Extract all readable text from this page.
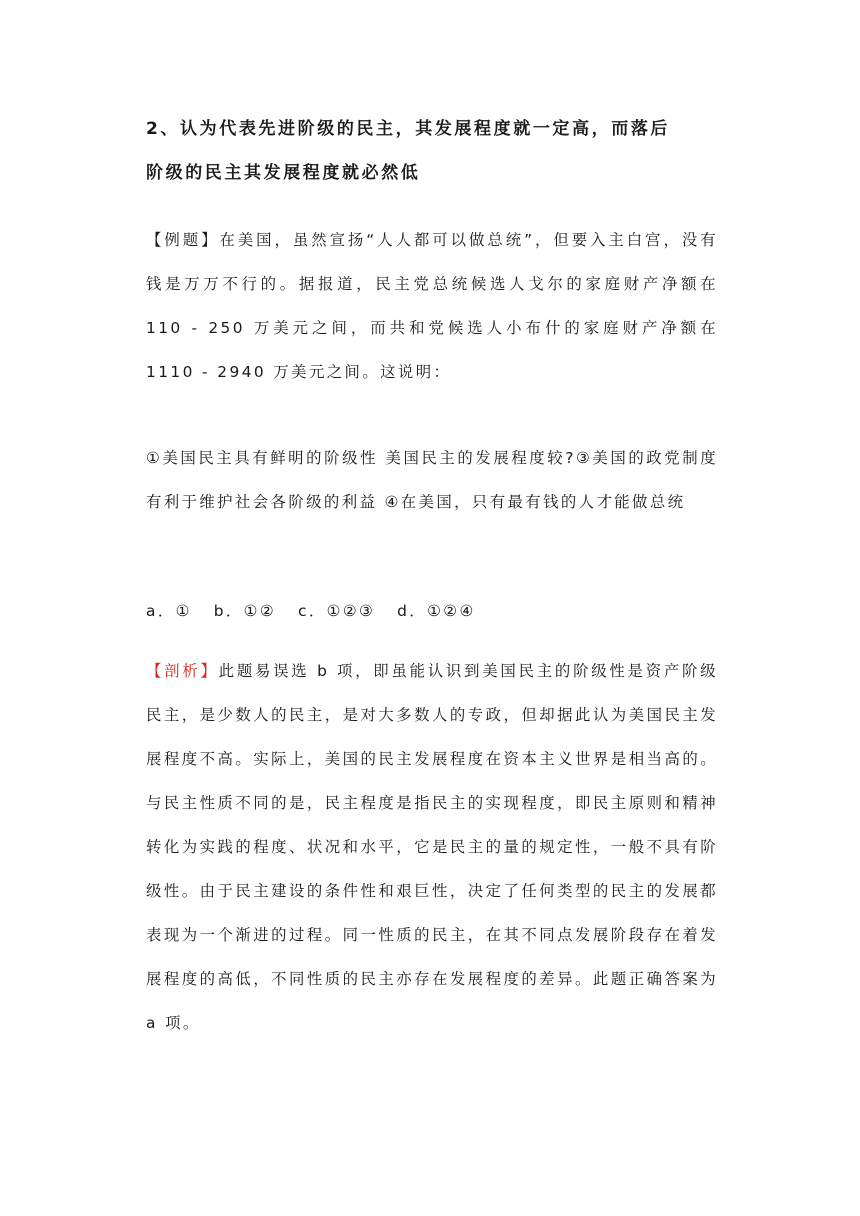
2、认为代表先进阶级的民主，其发展程度就一定高，而落后
阶级的民主其发展程度就必然低

【例题】在美国，虽然宣扬“人人都可以做总统”，但要入主白宫，没有钱是万万不行的。据报道，民主党总统候选人戈尔的家庭财产净额在 110 - 250 万美元之间，而共和党候选人小布什的家庭财产净额在 1110 - 2940 万美元之间。这说明：

①美国民主具有鲜明的阶级性 美国民主的发展程度较?③美国的政党制度有利于维护社会各阶级的利益 ④在美国，只有最有钱的人才能做总统

a．① b．①② c．①②③ d．①②④

【剖析】此题易误选 b 项，即虽能认识到美国民主的阶级性是资产阶级民主，是少数人的民主，是对大多数人的专政，但却据此认为美国民主发展程度不高。实际上，美国的民主发展程度在资本主义世界是相当高的。与民主性质不同的是，民主程度是指民主的实现程度，即民主原则和精神转化为实践的程度、状况和水平，它是民主的量的规定性，一般不具有阶级性。由于民主建设的条件性和艰巨性，决定了任何类型的民主的发展都表现为一个渐进的过程。同一性质的民主，在其不同点发展阶段存在着发展程度的高低，不同性质的民主亦存在发展程度的差异。此题正确答案为 a 项。
